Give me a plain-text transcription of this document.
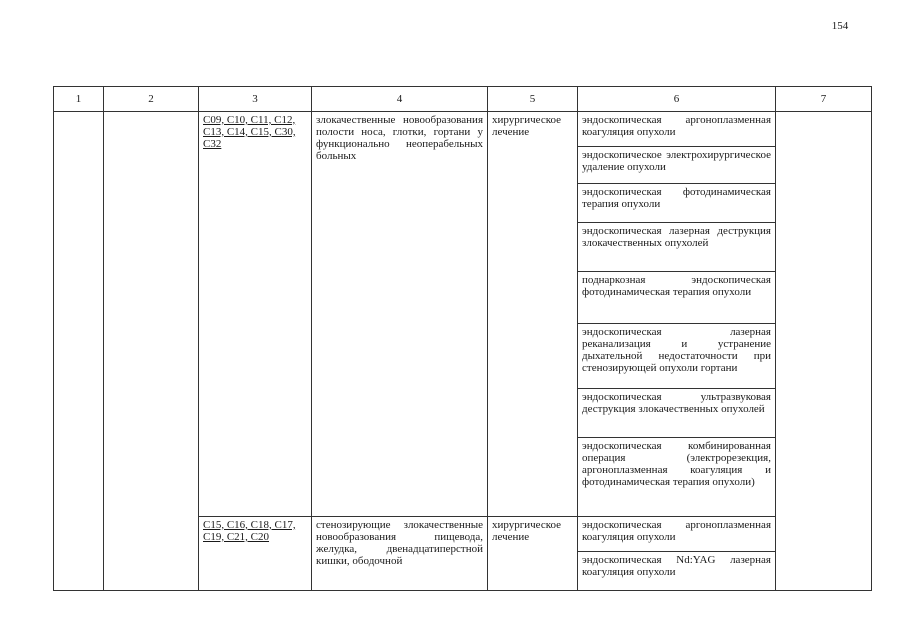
154
1	2	3	4	5	6	7
		C09, C10, C11, C12, C13, C14, C15, C30, C32	злокачественные новообразования полости носа, глотки, гортани у функционально неоперабельных больных	хирургическое лечение	эндоскопическая аргоноплазменная коагуляция опухоли	
					эндоскопическое электрохирургическое удаление опухоли	
					эндоскопическая фотодинамическая терапия опухоли	
					эндоскопическая лазерная деструкция злокачественных опухолей	
					поднаркозная эндоскопическая фотодинамическая терапия опухоли	
					эндоскопическая лазерная реканализация и устранение дыхательной недостаточности при стенозирующей опухоли гортани	
					эндоскопическая ультразвуковая деструкция злокачественных опухолей	
					эндоскопическая комбинированная операция (электрорезекция, аргоноплазменная коагуляция и фотодинамическая терапия опухоли)	
		C15, C16, C18, C17, C19, C21, C20	стенозирующие злокачественные новообразования пищевода, желудка, двенадцатиперстной кишки, ободочной	хирургическое лечение	эндоскопическая аргоноплазменная коагуляция опухоли	
					эндоскопическая Nd:YAG лазерная коагуляция опухоли	
